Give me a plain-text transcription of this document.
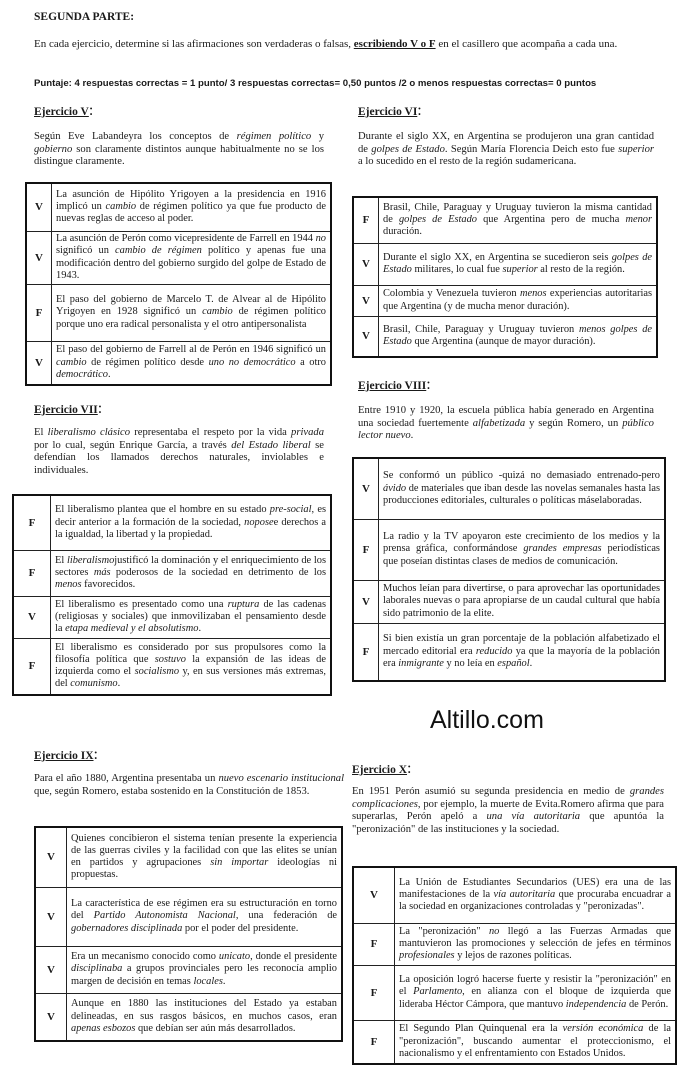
SEGUNDA PARTE:
En cada ejercicio, determine si las afirmaciones son verdaderas o falsas, escribiendo V o F en el casillero que acompaña a cada una.
Puntaje: 4 respuestas correctas = 1 punto/ 3 respuestas correctas= 0,50 puntos /2 o menos respuestas correctas= 0 puntos
Ejercicio V:
Según Eve Labandeyra los conceptos de régimen político y gobierno son claramente distintos aunque habitualmente no se los distingue claramente.
V	La asunción de Hipólito Yrigoyen a la presidencia en 1916 implicó un cambio de régimen político ya que fue producto de nuevas reglas de acceso al poder.
V	La asunción de Perón como vicepresidente de Farrell en 1944 no significó un cambio de régimen político y apenas fue una modificación dentro del gobierno surgido del golpe de Estado de 1943.
F	El paso del gobierno de Marcelo T. de Alvear al de Hipólito Yrigoyen en 1928 significó un cambio de régimen político porque uno era radical personalista y el otro antipersonalista
V	El paso del gobierno de Farrell al de Perón en 1946 significó un cambio de régimen político desde uno no democrático a otro democrático.
Ejercicio VI:
Durante el siglo XX, en Argentina se produjeron una gran cantidad de golpes de Estado. Según María Florencia Deich esto fue superior a lo sucedido en el resto de la región sudamericana.
F	Brasil, Chile, Paraguay y Uruguay tuvieron la misma cantidad de golpes de Estado que Argentina pero de mucha menor duración.
V	Durante el siglo XX, en Argentina se sucedieron seis golpes de Estado militares, lo cual fue superior al resto de la región.
V	Colombia y Venezuela tuvieron menos experiencias autoritarias que Argentina (y de mucha menor duración).
V	Brasil, Chile, Paraguay y Uruguay tuvieron menos golpes de Estado que Argentina (aunque de mayor duración).
Ejercicio VII:
El liberalismo clásico representaba el respeto por la vida privada por lo cual, según Enrique García, a través del Estado liberal se defendían los llamados derechos naturales, inviolables e individuales.
F	El liberalismo plantea que el hombre en su estado pre-social, es decir anterior a la formación de la sociedad, noposee derechos a la igualdad, la libertad y la propiedad.
F	El liberalismojustificó la dominación y el enriquecimiento de los sectores más poderosos de la sociedad en detrimento de los menos favorecidos.
V	El liberalismo es presentado como una ruptura de las cadenas (religiosas y sociales) que inmovilizaban el pensamiento desde la etapa medieval y el absolutismo.
F	El liberalismo es considerado por sus propulsores como la filosofía política que sostuvo la expansión de las ideas de izquierda como el socialismo y, en sus versiones más extremas, del comunismo.
Ejercicio VIII:
Entre 1910 y 1920, la escuela pública había generado en Argentina una sociedad fuertemente alfabetizada y según Romero, un público lector nuevo.
V	Se conformó un público -quizá no demasiado entrenado-pero ávido de materiales que iban desde las novelas semanales hasta las producciones editoriales, culturales o políticas máselaboradas.
F	La radio y la TV apoyaron este crecimiento de los medios y la prensa gráfica, conformándose grandes empresas periodísticas que poseían distintas clases de medios de comunicación.
V	Muchos leían para divertirse, o para aprovechar las oportunidades laborales nuevas o para apropiarse de un caudal cultural que había sido patrimonio de la elite.
F	Si bien existía un gran porcentaje de la población alfabetizado el mercado editorial era reducido ya que la mayoría de la población era inmigrante y no leía en español.
Altillo.com
Ejercicio IX:
Para el año 1880, Argentina presentaba un nuevo escenario institucional que, según Romero, estaba sostenido en la Constitución de 1853.
V	Quienes concibieron el sistema tenían presente la experiencia de las guerras civiles y la facilidad con que las elites se unían en partidos y agrupaciones sin importar ideologías ni propuestas.
V	La característica de ese régimen era su estructuración en torno del Partido Autonomista Nacional, una federación de gobernadores disciplinada por el poder del presidente.
V	Era un mecanismo conocido como unicato, donde el presidente disciplinaba a grupos provinciales pero les reconocía amplio margen de decisión en temas locales.
V	Aunque en 1880 las instituciones del Estado ya estaban delineadas, en sus rasgos básicos, en muchos casos, eran apenas esbozos que debían ser aún más desarrollados.
Ejercicio X:
En 1951 Perón asumió su segunda presidencia en medio de grandes complicaciones, por ejemplo, la muerte de Evita.Romero afirma que para superarlas, Perón apeló a una vía autoritaria que apuntóa la "peronización" de las instituciones y la sociedad.
V	La Unión de Estudiantes Secundarios (UES) era una de las manifestaciones de la vía autoritaria que procuraba encuadrar a la sociedad en organizaciones controladas y "peronizadas".
F	La "peronización" no llegó a las Fuerzas Armadas que mantuvieron las promociones y selección de jefes en términos profesionales y lejos de razones políticas.
F	La oposición logró hacerse fuerte y resistir la "peronización" en el Parlamento, en alianza con el bloque de izquierda que lideraba Héctor Cámpora, que mantuvo independencia de Perón.
F	El Segundo Plan Quinquenal era la versión económica de la "peronización", buscando aumentar el proteccionismo, el nacionalismo y el enfrentamiento con Estados Unidos.
